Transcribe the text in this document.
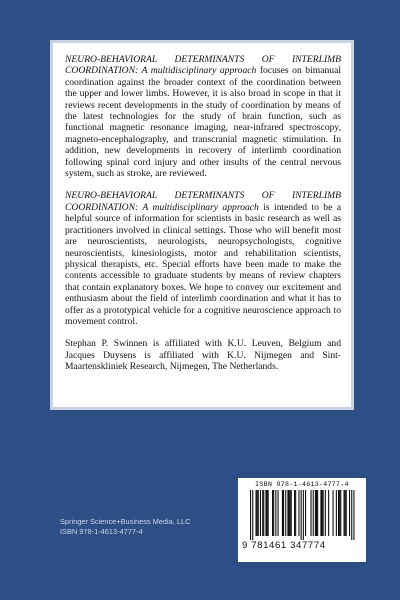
NEURO-BEHAVIORAL DETERMINANTS OF INTERLIMB COORDINATION: A multidisciplinary approach focuses on bimanual coordination against the broader context of the coordination between the upper and lower limbs. However, it is also broad in scope in that it reviews recent developments in the study of coordination by means of the latest technologies for the study of brain function, such as functional magnetic resonance imaging, near-infrared spectroscopy, magneto-encephalography, and transcranial magnetic stimulation. In addition, new developments in recovery of interlimb coordination following spinal cord injury and other insults of the central nervous system, such as stroke, are reviewed.

NEURO-BEHAVIORAL DETERMINANTS OF INTERLIMB COORDINATION: A multidisciplinary approach is intended to be a helpful source of information for scientists in basic research as well as practitioners involved in clinical settings. Those who will benefit most are neuroscientists, neurologists, neuropsychologists, cognitive neuroscientists, kinesiologists, motor and rehabilitation scientists, physical therapists, etc. Special efforts have been made to make the contents accessible to graduate students by means of review chapters that contain explanatory boxes. We hope to convey our excitement and enthusiasm about the field of interlimb coordination and what it has to offer as a prototypical vehicle for a cognitive neuroscience approach to movement control.

Stephan P. Swinnen is affiliated with K.U. Leuven, Belgium and Jacques Duysens is affiliated with K.U. Nijmegen and Sint-Maartenskliniek Research, Nijmegen, The Netherlands.

Springer Science+Business Media, LLC
ISBN 978-1-4613-4777-4
ISBN 978-1-4613-4777-4
9 781461 347774
